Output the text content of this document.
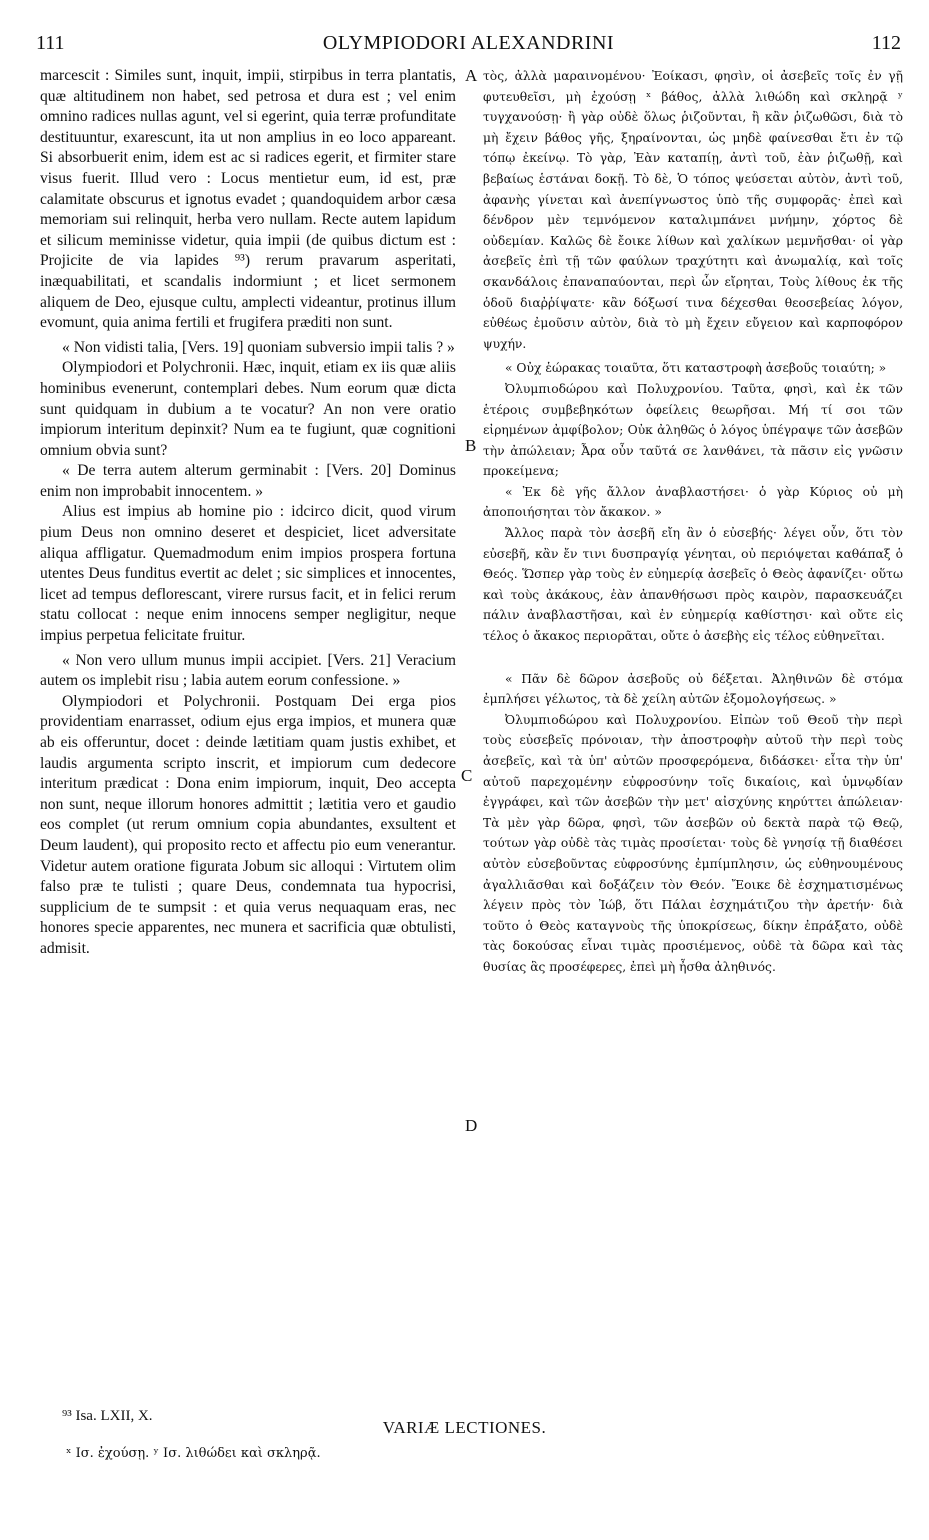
111	OLYMPIODORI ALEXANDRINI	112

marcescit : Similes sunt, inquit, impii, stirpibus in terra plantatis, quæ altitudinem non habet, sed petrosa et dura est ; vel enim omnino radices nullas agunt, vel si egerint, quia terræ profunditate destituuntur, exarescunt, ita ut non amplius in eo loco appareant. Si absorbuerit enim, idem est ac si radices egerit, et firmiter stare visus fuerit. Illud vero : Locus mentietur eum, id est, præ calamitate obscurus et ignotus evadet ; quandoquidem arbor cæsa memoriam sui relinquit, herba vero nullam. Recte autem lapidum et silicum meminisse videtur, quia impii (de quibus dictum est : Projicite de via lapides ⁹³) rerum pravarum asperitati, inæquabilitati, et scandalis indormiunt ; et licet sermonem aliquem de Deo, ejusque cultu, amplecti videantur, protinus illum evomunt, quia anima fertili et frugifera præditi non sunt.

« Non vidisti talia, [Vers. 19] quoniam subversio impii talis ? »

Olympiodori et Polychronii. Hæc, inquit, etiam ex iis quæ aliis hominibus evenerunt, contemplari debes. Num eorum quæ dicta sunt quidquam in dubium a te vocatur? An non vere oratio impiorum interitum depinxit? Num ea te fugiunt, quæ cognitioni omnium obvia sunt?

« De terra autem alterum germinabit : [Vers. 20] Dominus enim non improbabit innocentem. »

Alius est impius ab homine pio : idcirco dicit, quod virum pium Deus non omnino deseret et despiciet, licet adversitate aliqua affligatur. Quemadmodum enim impios prospera fortuna utentes Deus funditus evertit ac delet ; sic simplices et innocentes, licet ad tempus deflorescant, virere rursus facit, et in felici rerum statu collocat : neque enim innocens semper negligitur, neque impius perpetua felicitate fruitur.

« Non vero ullum munus impii accipiet. [Vers. 21] Veracium autem os implebit risu ; labia autem eorum confessione. »

Olympiodori et Polychronii. Postquam Dei erga pios providentiam enarrasset, odium ejus erga impios, et munera quæ ab eis offeruntur, docet : deinde lætitiam quam justis exhibet, et laudis argumenta scripto inscrit, et impiorum cum dedecore interitum prædicat : Dona enim impiorum, inquit, Deo accepta non sunt, neque illorum honores admittit ; lætitia vero et gaudio eos complet (ut rerum omnium copia abundantes, exsultent et Deum laudent), qui proposito recto et affectu pio eum venerantur. Videtur autem oratione figurata Jobum sic alloqui : Virtutem olim falso præ te tulisti ; quare Deus, condemnata tua hypocrisi, supplicium de te sumpsit : et quia verus nequaquam eras, nec honores specie apparentes, nec munera et sacrificia quæ obtulisti, admisit.

A
B
C
D

τὸς, ἀλλὰ μαραινομένου· Ἐοίκασι, φησὶν, οἱ ἀσεβεῖς τοῖς ἐν γῇ φυτευθεῖσι, μὴ ἐχούσῃ ˣ βάθος, ἀλλὰ λιθώδη καὶ σκληρᾷ ʸ τυγχανούσῃ· ἢ γὰρ οὐδὲ ὅλως ῥιζοῦνται, ἢ κἂν ῥιζωθῶσι, διὰ τὸ μὴ ἔχειν βάθος γῆς, ξηραίνονται, ὡς μηδὲ φαίνεσθαι ἔτι ἐν τῷ τόπῳ ἐκείνῳ. Τὸ γὰρ, Ἐὰν καταπίῃ, ἀντὶ τοῦ, ἐὰν ῥιζωθῇ, καὶ βεβαίως ἑστάναι δοκῇ. Τὸ δὲ, Ὁ τόπος ψεύσεται αὐτὸν, ἀντὶ τοῦ, ἀφανὴς γίνεται καὶ ἀνεπίγνωστος ὑπὸ τῆς συμφορᾶς· ἐπεὶ καὶ δένδρον μὲν τεμνόμενον καταλιμπάνει μνήμην, χόρτος δὲ οὐδεμίαν. Καλῶς δὲ ἔοικε λίθων καὶ χαλίκων μεμνῆσθαι· οἱ γὰρ ἀσεβεῖς ἐπὶ τῇ τῶν φαύλων τραχύτητι καὶ ἀνωμαλίᾳ, καὶ τοῖς σκανδάλοις ἐπαναπαύονται, περὶ ὧν εἴρηται, Τοὺς λίθους ἐκ τῆς ὁδοῦ διαῤῥίψατε· κἂν δόξωσί τινα δέχεσθαι θεοσεβείας λόγον, εὐθέως ἐμοῦσιν αὐτὸν, διὰ τὸ μὴ ἔχειν εὔγειον καὶ καρποφόρον ψυχήν.

« Οὐχ ἑώρακας τοιαῦτα, ὅτι καταστροφὴ ἀσεβοῦς τοιαύτη; »

Ὀλυμπιοδώρου καὶ Πολυχρονίου. Ταῦτα, φησὶ, καὶ ἐκ τῶν ἑτέροις συμβεβηκότων ὀφείλεις θεωρῆσαι. Μή τί σοι τῶν εἰρημένων ἀμφίβολον; Οὐκ ἀληθῶς ὁ λόγος ὑπέγραψε τῶν ἀσεβῶν τὴν ἀπώλειαν; Ἆρα οὖν ταῦτά σε λανθάνει, τὰ πᾶσιν εἰς γνῶσιν προκείμενα;

« Ἐκ δὲ γῆς ἄλλον ἀναβλαστήσει· ὁ γὰρ Κύριος οὐ μὴ ἀποποιήσηται τὸν ἄκακον. »

Ἄλλος παρὰ τὸν ἀσεβῆ εἴη ἂν ὁ εὐσεβής· λέγει οὖν, ὅτι τὸν εὐσεβῆ, κἂν ἔν τινι δυσπραγίᾳ γένηται, οὐ περιόψεται καθάπαξ ὁ Θεός. Ὥσπερ γὰρ τοὺς ἐν εὐημερίᾳ ἀσεβεῖς ὁ Θεὸς ἀφανίζει· οὕτω καὶ τοὺς ἀκάκους, ἐὰν ἀπανθήσωσι πρὸς καιρὸν, παρασκευάζει πάλιν ἀναβλαστῆσαι, καὶ ἐν εὐημερίᾳ καθίστησι· καὶ οὔτε εἰς τέλος ὁ ἄκακος περιορᾶται, οὔτε ὁ ἀσεβὴς εἰς τέλος εὐθηνεῖται.

« Πᾶν δὲ δῶρον ἀσεβοῦς οὐ δέξεται. Ἀληθινῶν δὲ στόμα ἐμπλήσει γέλωτος, τὰ δὲ χείλη αὐτῶν ἐξομολογήσεως. »

Ὀλυμπιοδώρου καὶ Πολυχρονίου. Εἰπὼν τοῦ Θεοῦ τὴν περὶ τοὺς εὐσεβεῖς πρόνοιαν, τὴν ἀποστροφὴν αὐτοῦ τὴν περὶ τοὺς ἀσεβεῖς, καὶ τὰ ὑπ' αὐτῶν προσφερόμενα, διδάσκει· εἶτα τὴν ὑπ' αὐτοῦ παρεχομένην εὐφροσύνην τοῖς δικαίοις, καὶ ὑμνῳδίαν ἐγγράφει, καὶ τῶν ἀσεβῶν τὴν μετ' αἰσχύνης κηρύττει ἀπώλειαν· Τὰ μὲν γὰρ δῶρα, φησὶ, τῶν ἀσεβῶν οὐ δεκτὰ παρὰ τῷ Θεῷ, τούτων γὰρ οὐδὲ τὰς τιμὰς προσίεται· τοὺς δὲ γνησίᾳ τῇ διαθέσει αὐτὸν εὐσεβοῦντας εὐφροσύνης ἐμπίμπλησιν, ὡς εὐθηνουμένους ἀγαλλιᾶσθαι καὶ δοξάζειν τὸν Θεόν. Ἔοικε δὲ ἐσχηματισμένως λέγειν πρὸς τὸν Ἰώβ, ὅτι Πάλαι ἐσχημάτιζου τὴν ἀρετήν· διὰ τοῦτο ὁ Θεὸς καταγνοὺς τῆς ὑποκρίσεως, δίκην ἐπράξατο, οὐδὲ τὰς δοκούσας εἶναι τιμὰς προσιέμενος, οὐδὲ τὰ δῶρα καὶ τὰς θυσίας ἃς προσέφερες, ἐπεὶ μὴ ἦσθα ἀληθινός.

⁹³ Isa. LXII, X.
VARIÆ LECTIONES.
ˣ Ισ. ἐχούσῃ. ʸ Ισ. λιθώδει καὶ σκληρᾷ.
